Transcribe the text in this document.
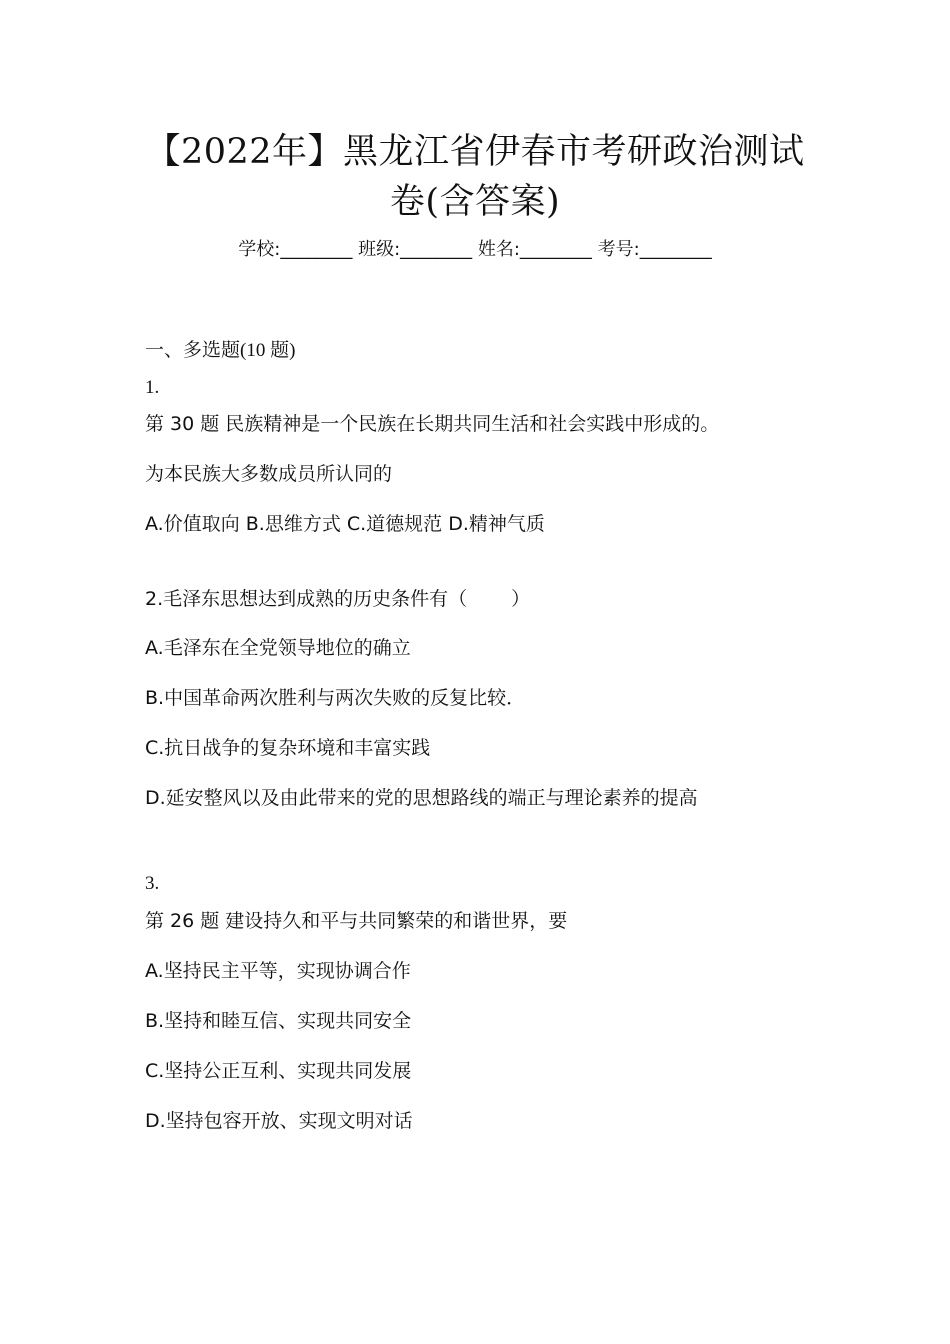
【2022年】黑龙江省伊春市考研政治测试
卷(含答案)
学校:________ 班级:________ 姓名:________ 考号:________
一、多选题(10 题)
1.
第 30 题 民族精神是一个民族在长期共同生活和社会实践中形成的。
为本民族大多数成员所认同的
A.价值取向 B.思维方式 C.道德规范 D.精神气质
2.毛泽东思想达到成熟的历史条件有（ ）
A.毛泽东在全党领导地位的确立
B.中国革命两次胜利与两次失败的反复比较．
C.抗日战争的复杂环境和丰富实践
D.延安整风以及由此带来的党的思想路线的端正与理论素养的提高
3.
第 26 题 建设持久和平与共同繁荣的和谐世界，要
A.坚持民主平等，实现协调合作
B.坚持和睦互信、实现共同安全
C.坚持公正互利、实现共同发展
D.坚持包容开放、实现文明对话
